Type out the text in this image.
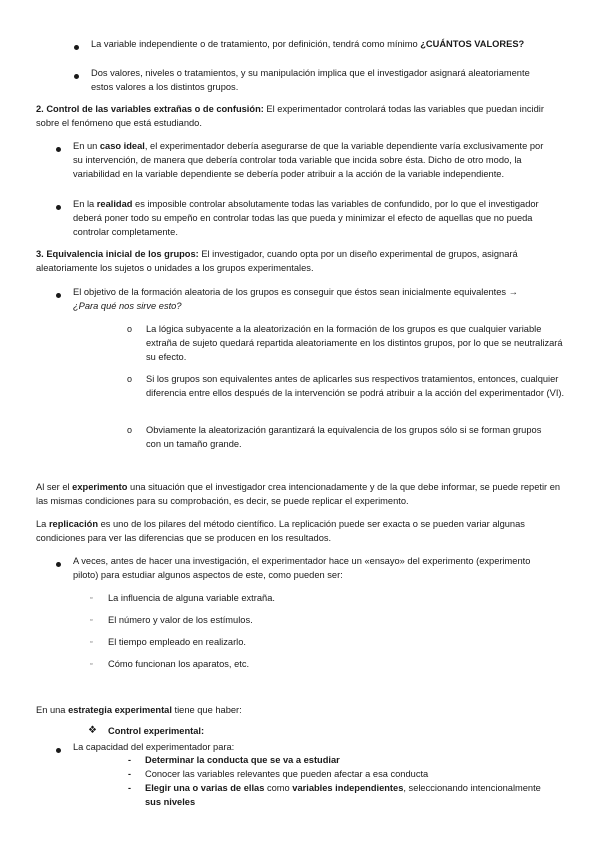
La variable independiente o de tratamiento, por definición, tendrá como mínimo ¿CUÁNTOS VALORES?

Dos valores, niveles o tratamientos, y su manipulación implica que el investigador asignará aleatoriamente estos valores a los distintos grupos.

2. Control de las variables extrañas o de confusión: El experimentador controlará todas las variables que puedan incidir sobre el fenómeno que está estudiando.

En un caso ideal, el experimentador debería asegurarse de que la variable dependiente varía exclusivamente por su intervención, de manera que debería controlar toda variable que incida sobre ésta. Dicho de otro modo, la variabilidad en la variable dependiente se debería poder atribuir a la acción de la variable independiente.

En la realidad es imposible controlar absolutamente todas las variables de confundido, por lo que el investigador deberá poner todo su empeño en controlar todas las que pueda y minimizar el efecto de aquellas que no pueda controlar completamente.

3. Equivalencia inicial de los grupos: El investigador, cuando opta por un diseño experimental de grupos, asignará aleatoriamente los sujetos o unidades a los grupos experimentales.

El objetivo de la formación aleatoria de los grupos es conseguir que éstos sean inicialmente equivalentes → ¿Para qué nos sirve esto?

o La lógica subyacente a la aleatorización en la formación de los grupos es que cualquier variable extraña de sujeto quedará repartida aleatoriamente en los distintos grupos, por lo que se neutralizará su efecto.

o Si los grupos son equivalentes antes de aplicarles sus respectivos tratamientos, entonces, cualquier diferencia entre ellos después de la intervención se podrá atribuir a la acción del experimentador (VI).

o Obviamente la aleatorización garantizará la equivalencia de los grupos sólo si se forman grupos con un tamaño grande.

Al ser el experimento una situación que el investigador crea intencionadamente y de la que debe informar, se puede repetir en las mismas condiciones para su comprobación, es decir, se puede replicar el experimento.

La replicación es uno de los pilares del método científico. La replicación puede ser exacta o se pueden variar algunas condiciones para ver las diferencias que se producen en los resultados.

A veces, antes de hacer una investigación, el experimentador hace un «ensayo» del experimento (experimento piloto) para estudiar algunos aspectos de este, como pueden ser:

▫ La influencia de alguna variable extraña.

▫ El número y valor de los estímulos.

▫ El tiempo empleado en realizarlo.

▫ Cómo funcionan los aparatos, etc.

En una estrategia experimental tiene que haber:

❖ Control experimental:

La capacidad del experimentador para:

- Determinar la conducta que se va a estudiar

- Conocer las variables relevantes que pueden afectar a esa conducta

- Elegir una o varias de ellas como variables independientes, seleccionando intencionalmente sus niveles
